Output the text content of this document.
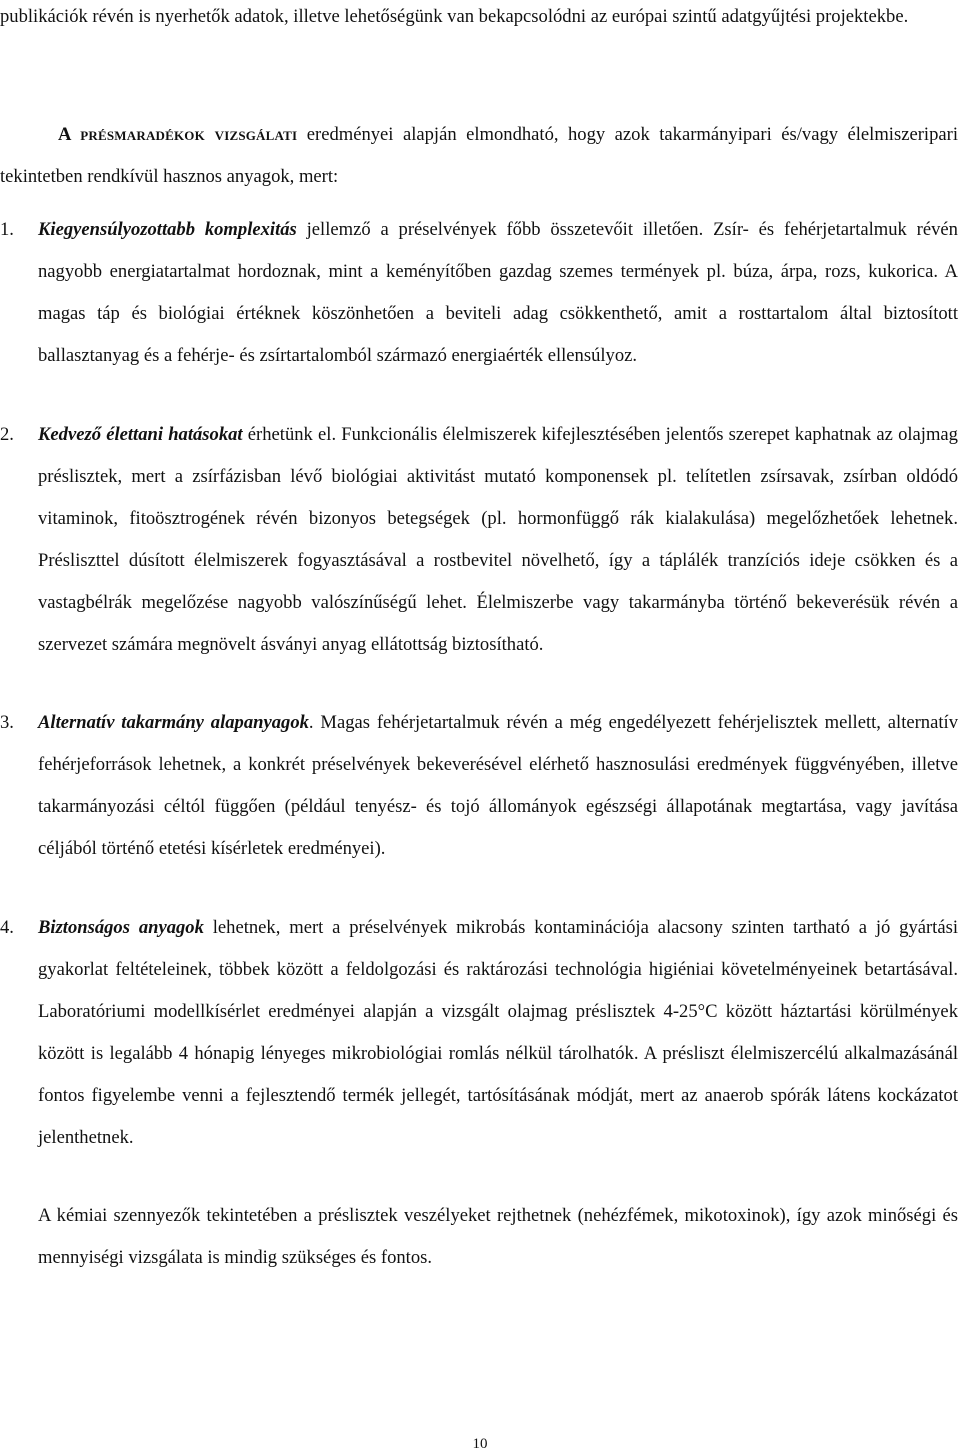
publikációk révén is nyerhetők adatok, illetve lehetőségünk van bekapcsolódni az európai szintű adatgyűjtési projektekbe.

A présmaradékok vizsgálati eredményei alapján elmondható, hogy azok takarmányipari és/vagy élelmiszeripari tekintetben rendkívül hasznos anyagok, mert:

1. Kiegyensúlyozottabb komplexitás jellemző a préselvények főbb összetevőit illetően. Zsír- és fehérjetartalmuk révén nagyobb energiatartalmat hordoznak, mint a keményítőben gazdag szemes termények pl. búza, árpa, rozs, kukorica. A magas táp és biológiai értéknek köszönhetően a beviteli adag csökkenthető, amit a rosttartalom által biztosított ballasztanyag és a fehérje- és zsírtartalomból származó energiaérték ellensúlyoz.

2. Kedvező élettani hatásokat érhetünk el. Funkcionális élelmiszerek kifejlesztésében jelentős szerepet kaphatnak az olajmag préslisztek, mert a zsírfázisban lévő biológiai aktivitást mutató komponensek pl. telítetlen zsírsavak, zsírban oldódó vitaminok, fitoösztrogének révén bizonyos betegségek (pl. hormonfüggő rák kialakulása) megelőzhetőek lehetnek. Présliszttel dúsított élelmiszerek fogyasztásával a rostbevitel növelhető, így a táplálék tranzíciós ideje csökken és a vastagbélrák megelőzése nagyobb valószínűségű lehet. Élelmiszerbe vagy takarmányba történő bekeverésük révén a szervezet számára megnövelt ásványi anyag ellátottság biztosítható.

3. Alternatív takarmány alapanyagok. Magas fehérjetartalmuk révén a még engedélyezett fehérjelisztek mellett, alternatív fehérjeforrások lehetnek, a konkrét préselvények bekeverésével elérhető hasznosulási eredmények függvényében, illetve takarmányozási céltól függően (például tenyész- és tojó állományok egészségi állapotának megtartása, vagy javítása céljából történő etetési kísérletek eredményei).

4. Biztonságos anyagok lehetnek, mert a préselvények mikrobás kontaminációja alacsony szinten tartható a jó gyártási gyakorlat feltételeinek, többek között a feldolgozási és raktározási technológia higiéniai követelményeinek betartásával. Laboratóriumi modellkísérlet eredményei alapján a vizsgált olajmag préslisztek 4-25°C között háztartási körülmények között is legalább 4 hónapig lényeges mikrobiológiai romlás nélkül tárolhatók. A présliszt élelmiszercélú alkalmazásánál fontos figyelembe venni a fejlesztendő termék jellegét, tartósításának módját, mert az anaerob spórák látens kockázatot jelenthetnek.

A kémiai szennyezők tekintetében a préslisztek veszélyeket rejthetnek (nehézfémek, mikotoxinok), így azok minőségi és mennyiségi vizsgálata is mindig szükséges és fontos.

10
